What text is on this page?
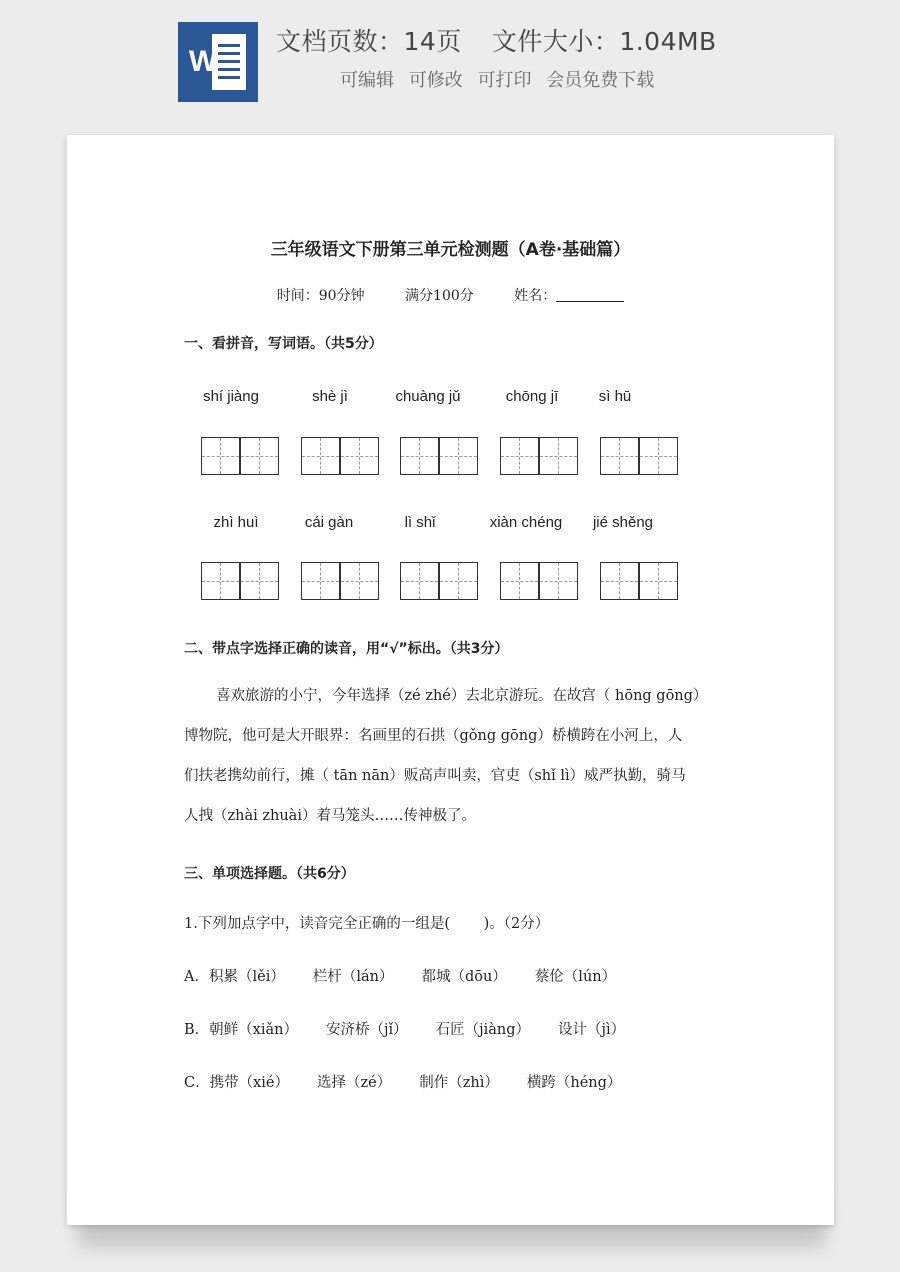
W
文档页数：14页 文件大小：1.04MB
可编辑 可修改 可打印 会员免费下载
三年级语文下册第三单元检测题（A卷·基础篇）
时间：90分钟	满分100分	姓名：
一、看拼音，写词语。（共5分）
shí jiàng	shè jì	chuàng jǔ	chōng jī	sì hū
zhì huì	cái gàn	lì shǐ	xiàn chéng	jié shěng
二、带点字选择正确的读音，用“√”标出。（共3分）
喜欢旅游的小宁，今年选择（zé zhé）去北京游玩。在故宫（ hōng gōng）
博物院，他可是大开眼界：名画里的石拱（gǒng gōng）桥横跨在小河上，人
们扶老携幼前行，摊（ tān nān）贩高声叫卖，官吏（shǐ lì）威严执勤，骑马
人拽（zhài zhuài）着马笼头……传神极了。
三、单项选择题。（共6分）
1.下列加点字中，读音完全正确的一组是(　　 )。（2分）
A．积累（lěi） 栏杆（lán） 都城（dōu） 蔡伦（lún）
B．朝鲜（xiǎn） 安济桥（jǐ） 石匠（jiàng） 设计（jì）
C．携带（xié） 选择（zé） 制作（zhì） 横跨（héng）
